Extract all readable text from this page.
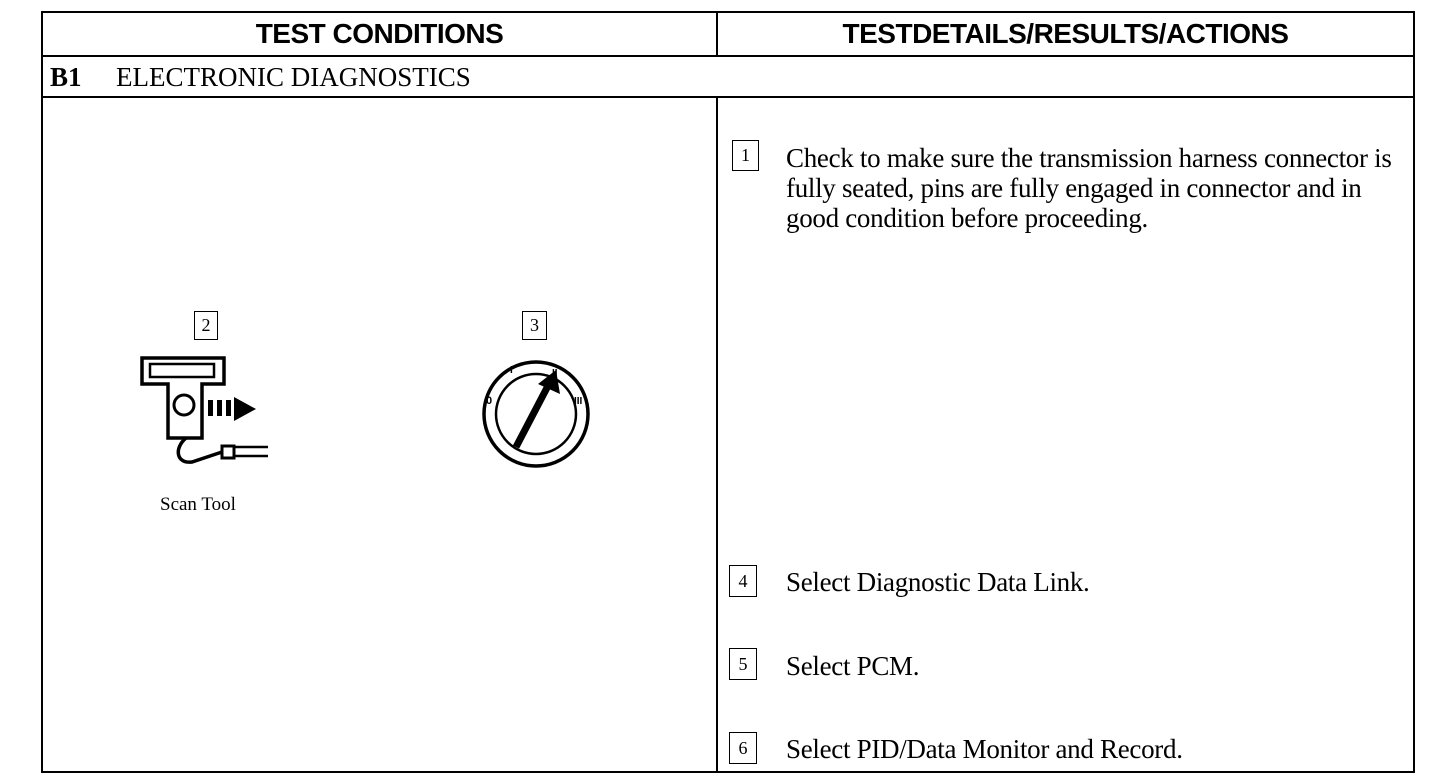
TEST CONDITIONS	TESTDETAILS/RESULTS/ACTIONS
B1	ELECTRONIC DIAGNOSTICS
2
Scan Tool
3
0
I	II
III
1	Check to make sure the transmission harness connector is fully seated, pins are fully engaged in connector and in good condition before proceeding.
4	Select Diagnostic Data Link.
5	Select PCM.
6	Select PID/Data Monitor and Record.
